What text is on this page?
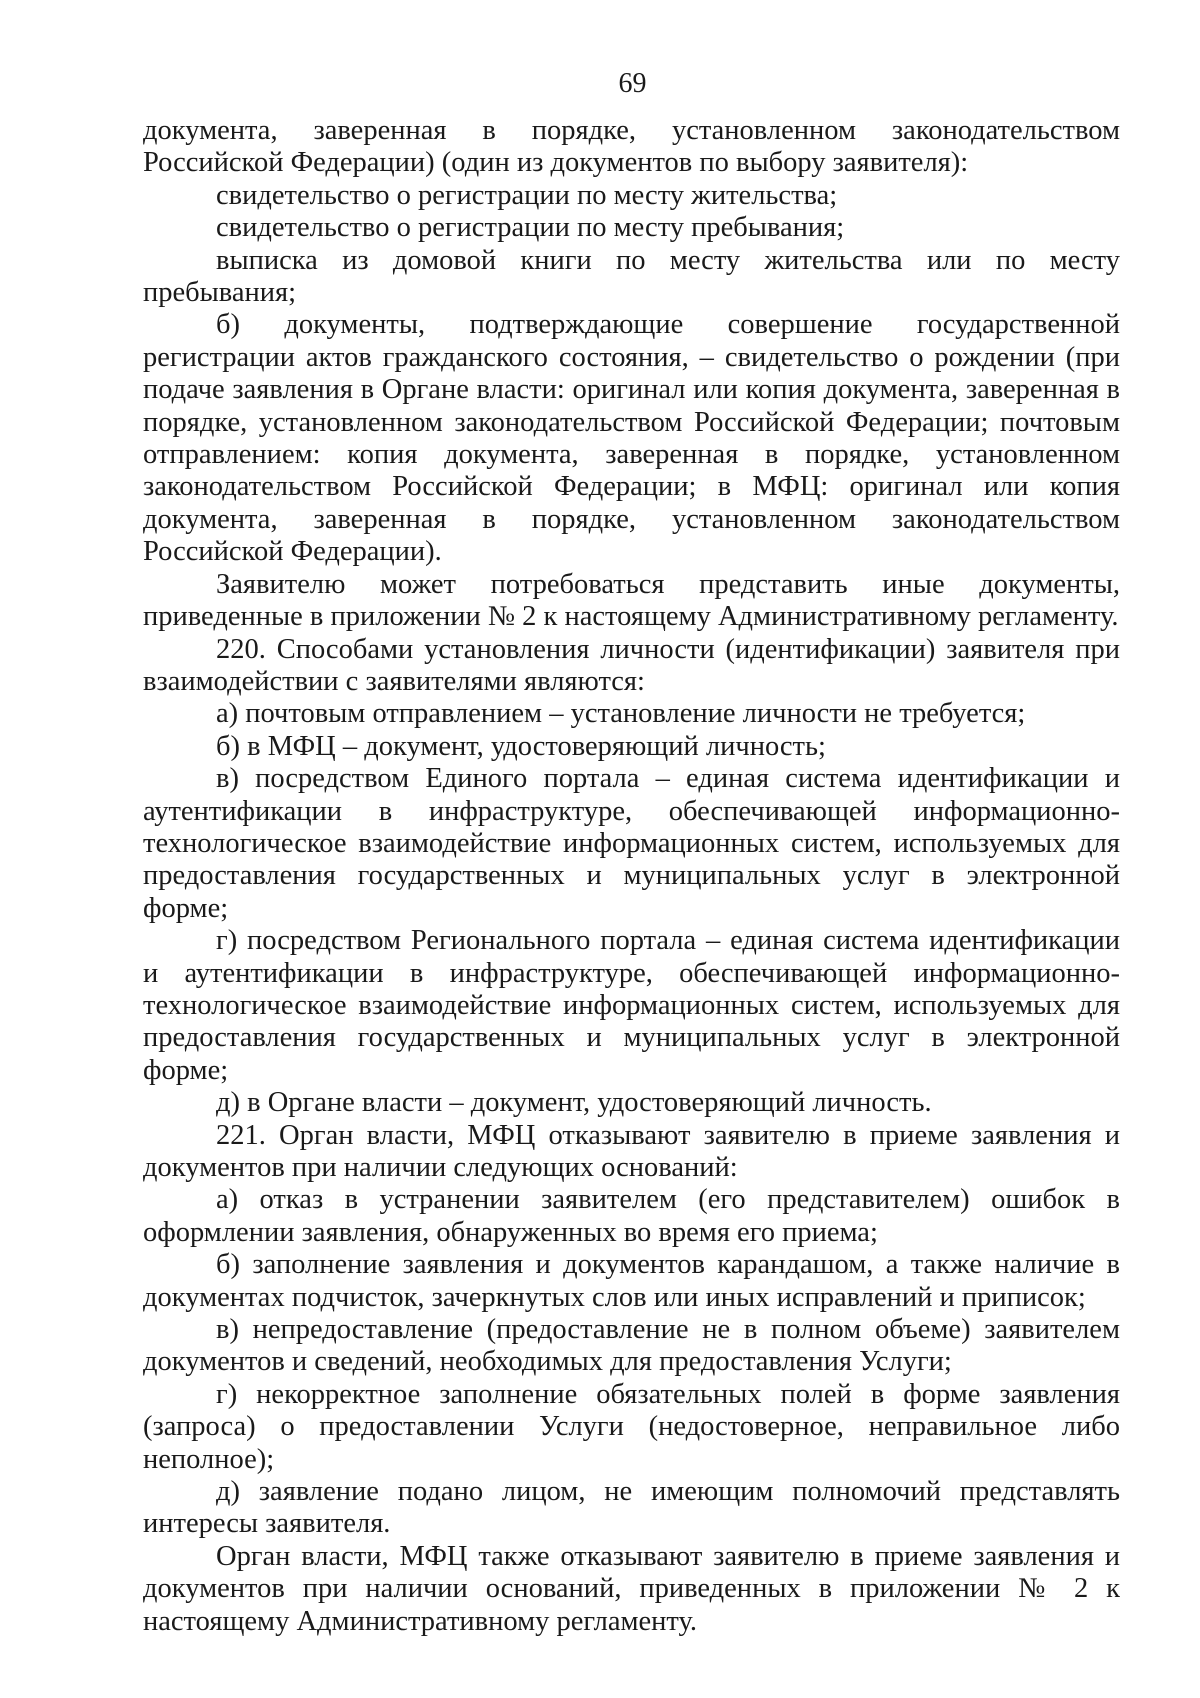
69

документа, заверенная в порядке, установленном законодательством Российской Федерации) (один из документов по выбору заявителя):

свидетельство о регистрации по месту жительства;

свидетельство о регистрации по месту пребывания;

выписка из домовой книги по месту жительства или по месту пребывания;

б) документы, подтверждающие совершение государственной регистрации актов гражданского состояния, – свидетельство о рождении (при подаче заявления в Органе власти: оригинал или копия документа, заверенная в порядке, установленном законодательством Российской Федерации; почтовым отправлением: копия документа, заверенная в порядке, установленном законодательством Российской Федерации; в МФЦ: оригинал или копия документа, заверенная в порядке, установленном законодательством Российской Федерации).

Заявителю может потребоваться представить иные документы, приведенные в приложении № 2 к настоящему Административному регламенту.

220. Способами установления личности (идентификации) заявителя при взаимодействии с заявителями являются:

а) почтовым отправлением – установление личности не требуется;

б) в МФЦ – документ, удостоверяющий личность;

в) посредством Единого портала – единая система идентификации и аутентификации в инфраструктуре, обеспечивающей информационно-технологическое взаимодействие информационных систем, используемых для предоставления государственных и муниципальных услуг в электронной форме;

г) посредством Регионального портала – единая система идентификации и аутентификации в инфраструктуре, обеспечивающей информационно-технологическое взаимодействие информационных систем, используемых для предоставления государственных и муниципальных услуг в электронной форме;

д) в Органе власти – документ, удостоверяющий личность.

221. Орган власти, МФЦ отказывают заявителю в приеме заявления и документов при наличии следующих оснований:

а) отказ в устранении заявителем (его представителем) ошибок в оформлении заявления, обнаруженных во время его приема;

б) заполнение заявления и документов карандашом, а также наличие в документах подчисток, зачеркнутых слов или иных исправлений и приписок;

в) непредоставление (предоставление не в полном объеме) заявителем документов и сведений, необходимых для предоставления Услуги;

г) некорректное заполнение обязательных полей в форме заявления (запроса) о предоставлении Услуги (недостоверное, неправильное либо неполное);

д) заявление подано лицом, не имеющим полномочий представлять интересы заявителя.

Орган власти, МФЦ также отказывают заявителю в приеме заявления и документов при наличии оснований, приведенных в приложении № 2 к настоящему Административному регламенту.
